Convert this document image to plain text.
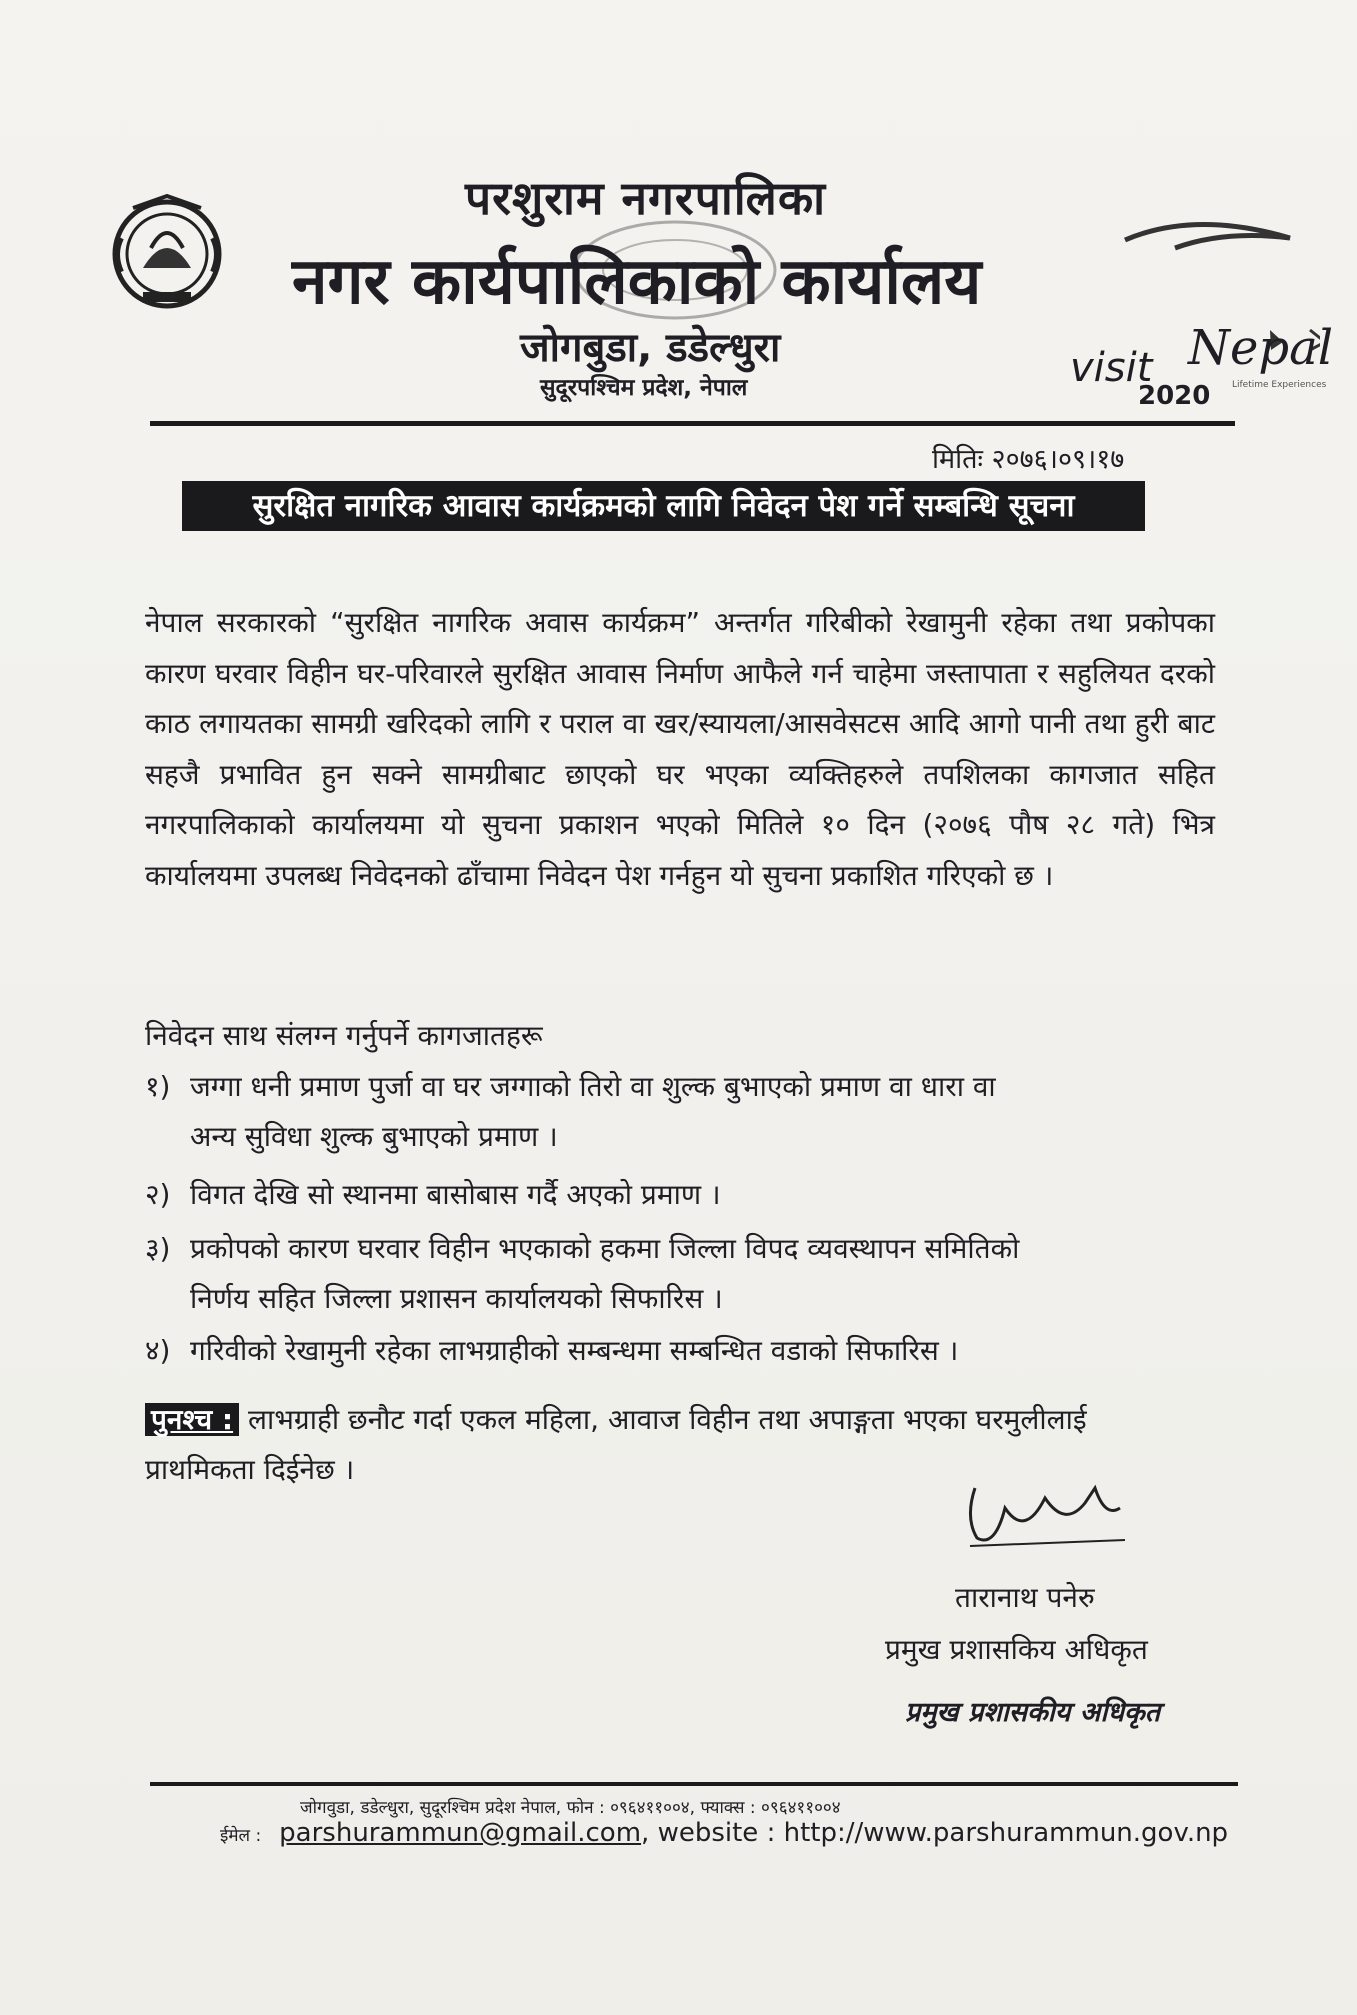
परशुराम नगरपालिका
नगर कार्यपालिकाको कार्यालय
जोगबुडा, डडेल्धुरा
सुदूरपश्चिम प्रदेश, नेपाल	visit Nepal
2020 Lifetime Experiences
मितिः २०७६।०९।१७
सुरक्षित नागरिक आवास कार्यक्रमको लागि निवेदन पेश गर्ने सम्बन्धि सूचना
नेपाल सरकारको “सुरक्षित नागरिक अवास कार्यक्रम” अन्तर्गत गरिबीको रेखामुनी रहेका तथा प्रकोपका कारण घरवार विहीन घर-परिवारले सुरक्षित आवास निर्माण आफैले गर्न चाहेमा जस्तापाता र सहुलियत दरको काठ लगायतका सामग्री खरिदको लागि र पराल वा खर/स्यायला/आसवेसटस आदि आगो पानी तथा हुरी बाट सहजै प्रभावित हुन सक्ने सामग्रीबाट छाएको घर भएका व्यक्तिहरुले तपशिलका कागजात सहित नगरपालिकाको कार्यालयमा यो सुचना प्रकाशन भएको मितिले १० दिन (२०७६ पौष २८ गते) भित्र कार्यालयमा उपलब्ध निवेदनको ढाँचामा निवेदन पेश गर्नहुन यो सुचना प्रकाशित गरिएको छ ।
निवेदन साथ संलग्न गर्नुपर्ने कागजातहरू
१) जग्गा धनी प्रमाण पुर्जा वा घर जग्गाको तिरो वा शुल्क बुभाएको प्रमाण वा धारा वा
अन्य सुविधा शुल्क बुभाएको प्रमाण ।
२) विगत देखि सो स्थानमा बासोबास गर्दै अएको प्रमाण ।
३) प्रकोपको कारण घरवार विहीन भएकाको हकमा जिल्ला विपद व्यवस्थापन समितिको
निर्णय सहित जिल्ला प्रशासन कार्यालयको सिफारिस ।
४) गरिवीको रेखामुनी रहेका लाभग्राहीको सम्बन्धमा सम्बन्धित वडाको सिफारिस ।
पुनश्च : लाभग्राही छनौट गर्दा एकल महिला, आवाज विहीन तथा अपाङ्गता भएका घरमुलीलाई प्राथमिकता दिईनेछ ।
तारानाथ पनेरु
प्रमुख प्रशासकिय अधिकृत
प्रमुख प्रशासकीय अधिकृत
जोगवुडा, डडेल्धुरा, सुदूरश्चिम प्रदेश नेपाल, फोन : ०९६४११००४, फ्याक्स : ०९६४११००४
ईमेल : parshurammun@gmail.com, website : http://www.parshurammun.gov.np
